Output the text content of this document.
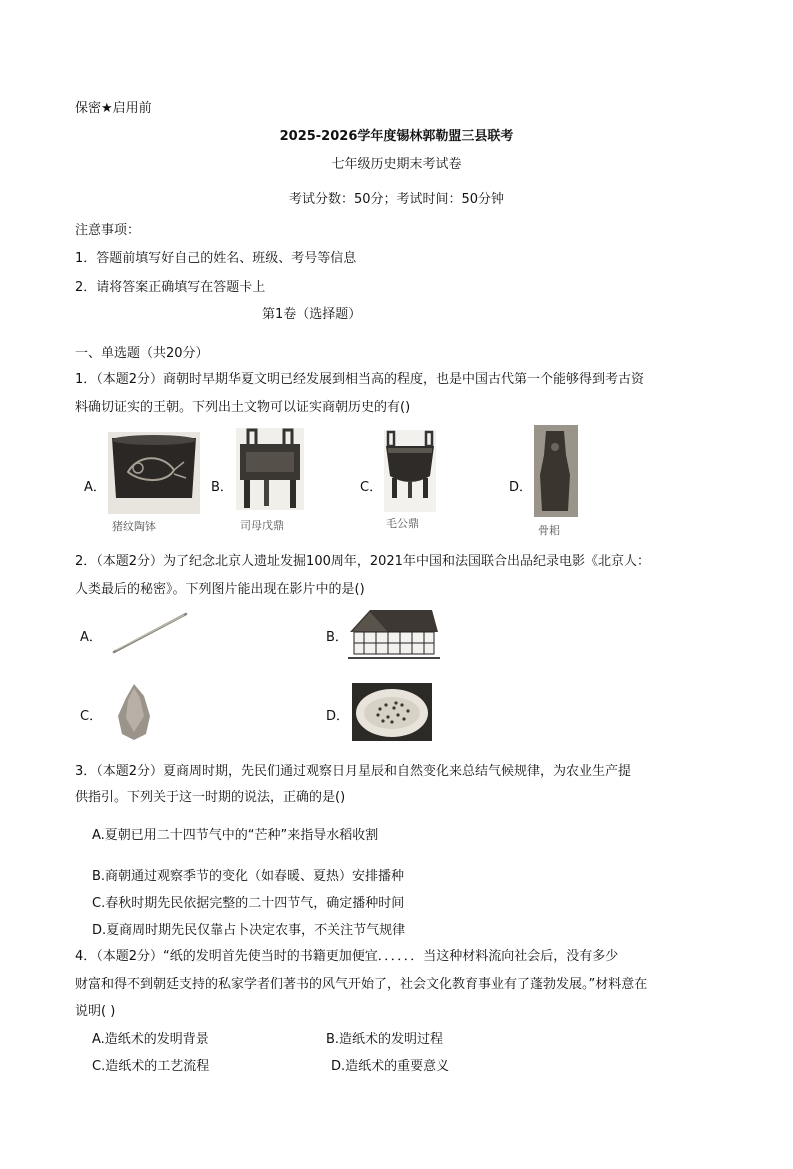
保密★启用前
2025-2026学年度锡林郭勒盟三县联考
七年级历史期末考试卷
考试分数：50分；考试时间：50分钟
注意事项：
1．答题前填写好自己的姓名、班级、考号等信息
2．请将答案正确填写在答题卡上
第1卷（选择题）
一、单选题（共20分）
1．（本题2分）商朝时早期华夏文明已经发展到相当高的程度，也是中国古代第一个能够得到考古资
料确切证实的王朝。下列出土文物可以证实商朝历史的有()
A．
猪纹陶钵
B．
司母戊鼎
C．
毛公鼎
D．
骨耜
2．（本题2分）为了纪念北京人遗址发掘100周年，2021年中国和法国联合出品纪录电影《北京人：
人类最后的秘密》。下列图片能出现在影片中的是()
A．	B．
C．	D．
3．（本题2分）夏商周时期，先民们通过观察日月星辰和自然变化来总结气候规律，为农业生产提
供指引。下列关于这一时期的说法，正确的是()
A.夏朝已用二十四节气中的“芒种”来指导水稻收割
B.商朝通过观察季节的变化（如春暖、夏热）安排播种
C.春秋时期先民依据完整的二十四节气，确定播种时间
D.夏商周时期先民仅靠占卜决定农事，不关注节气规律
4．（本题2分）“纸的发明首先使当时的书籍更加便宜．．．．．．当这种材料流向社会后，没有多少
财富和得不到朝廷支持的私家学者们著书的风气开始了，社会文化教育事业有了蓬勃发展。”材料意在
说明( )
A.造纸术的发明背景	B.造纸术的发明过程
C.造纸术的工艺流程	D.造纸术的重要意义
